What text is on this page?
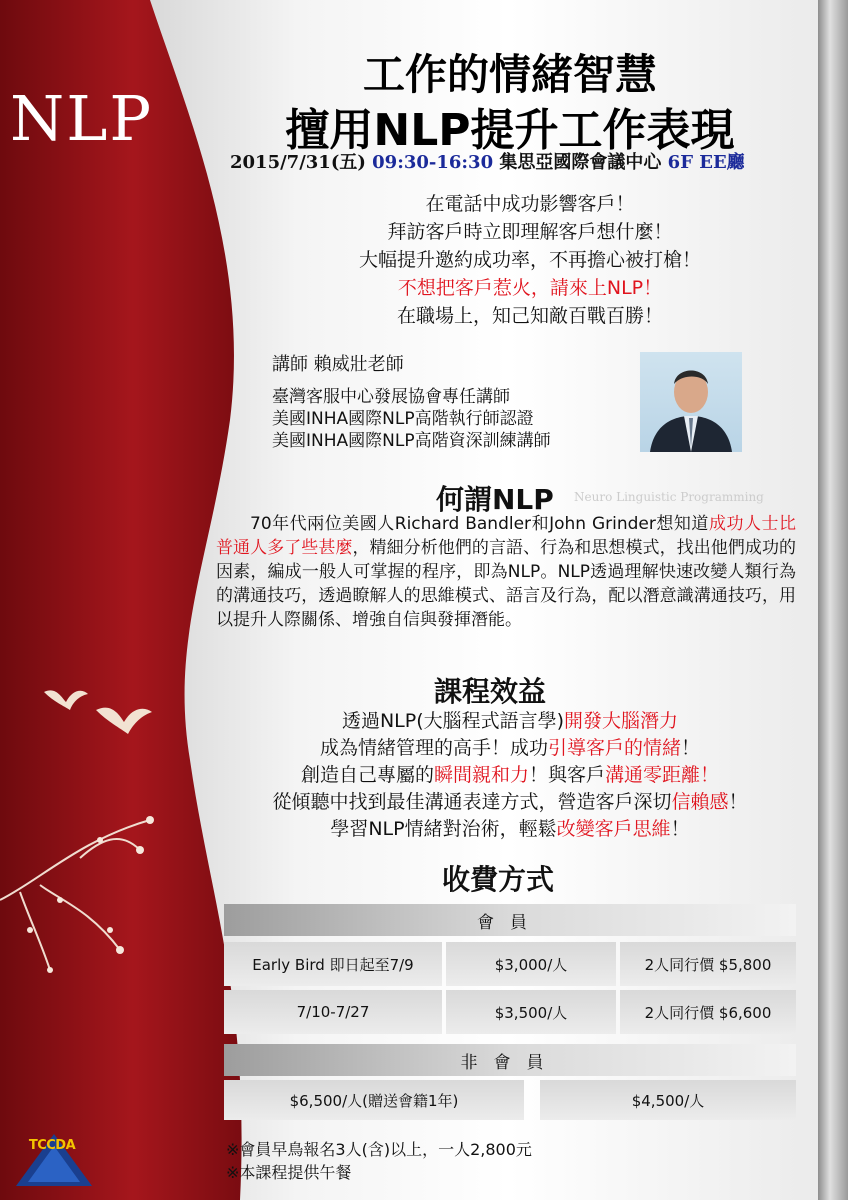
NLP
TCCDA
工作的情緒智慧
擅用NLP提升工作表現
2015/7/31(五) 09:30-16:30 集思亞國際會議中心 6F EE廳

在電話中成功影響客戶！

拜訪客戶時立即理解客戶想什麼！

大幅提升邀約成功率，不再擔心被打槍！

不想把客戶惹火，請來上NLP！

在職場上，知己知敵百戰百勝！

講師 賴威壯老師

臺灣客服中心發展協會專任講師

美國INHA國際NLP高階執行師認證

美國INHA國際NLP高階資深訓練講師

何謂NLP Neuro Linguistic Programming
70年代兩位美國人Richard Bandler和John Grinder想知道成功人士比普通人多了些甚麼，精細分析他們的言語、行為和思想模式，找出他們成功的因素，編成一般人可掌握的程序，即為NLP。NLP透過理解快速改變人類行為的溝通技巧，透過瞭解人的思維模式、語言及行為，配以潛意識溝通技巧，用以提升人際關係、增強自信與發揮潛能。
課程效益

透過NLP(大腦程式語言學)開發大腦潛力

成為情緒管理的高手！成功引導客戶的情緒！

創造自己專屬的瞬間親和力！與客戶溝通零距離！

從傾聽中找到最佳溝通表達方式，營造客戶深切信賴感！

學習NLP情緒對治術，輕鬆改變客戶思維！

收費方式
會員
Early Bird 即日起至7/9	$3,000/人	2人同行價 $5,800
7/10-7/27	$3,500/人	2人同行價 $6,600
非會員
$6,500/人(贈送會籍1年)	$4,500/人

※會員早鳥報名3人(含)以上，一人2,800元

※本課程提供午餐
